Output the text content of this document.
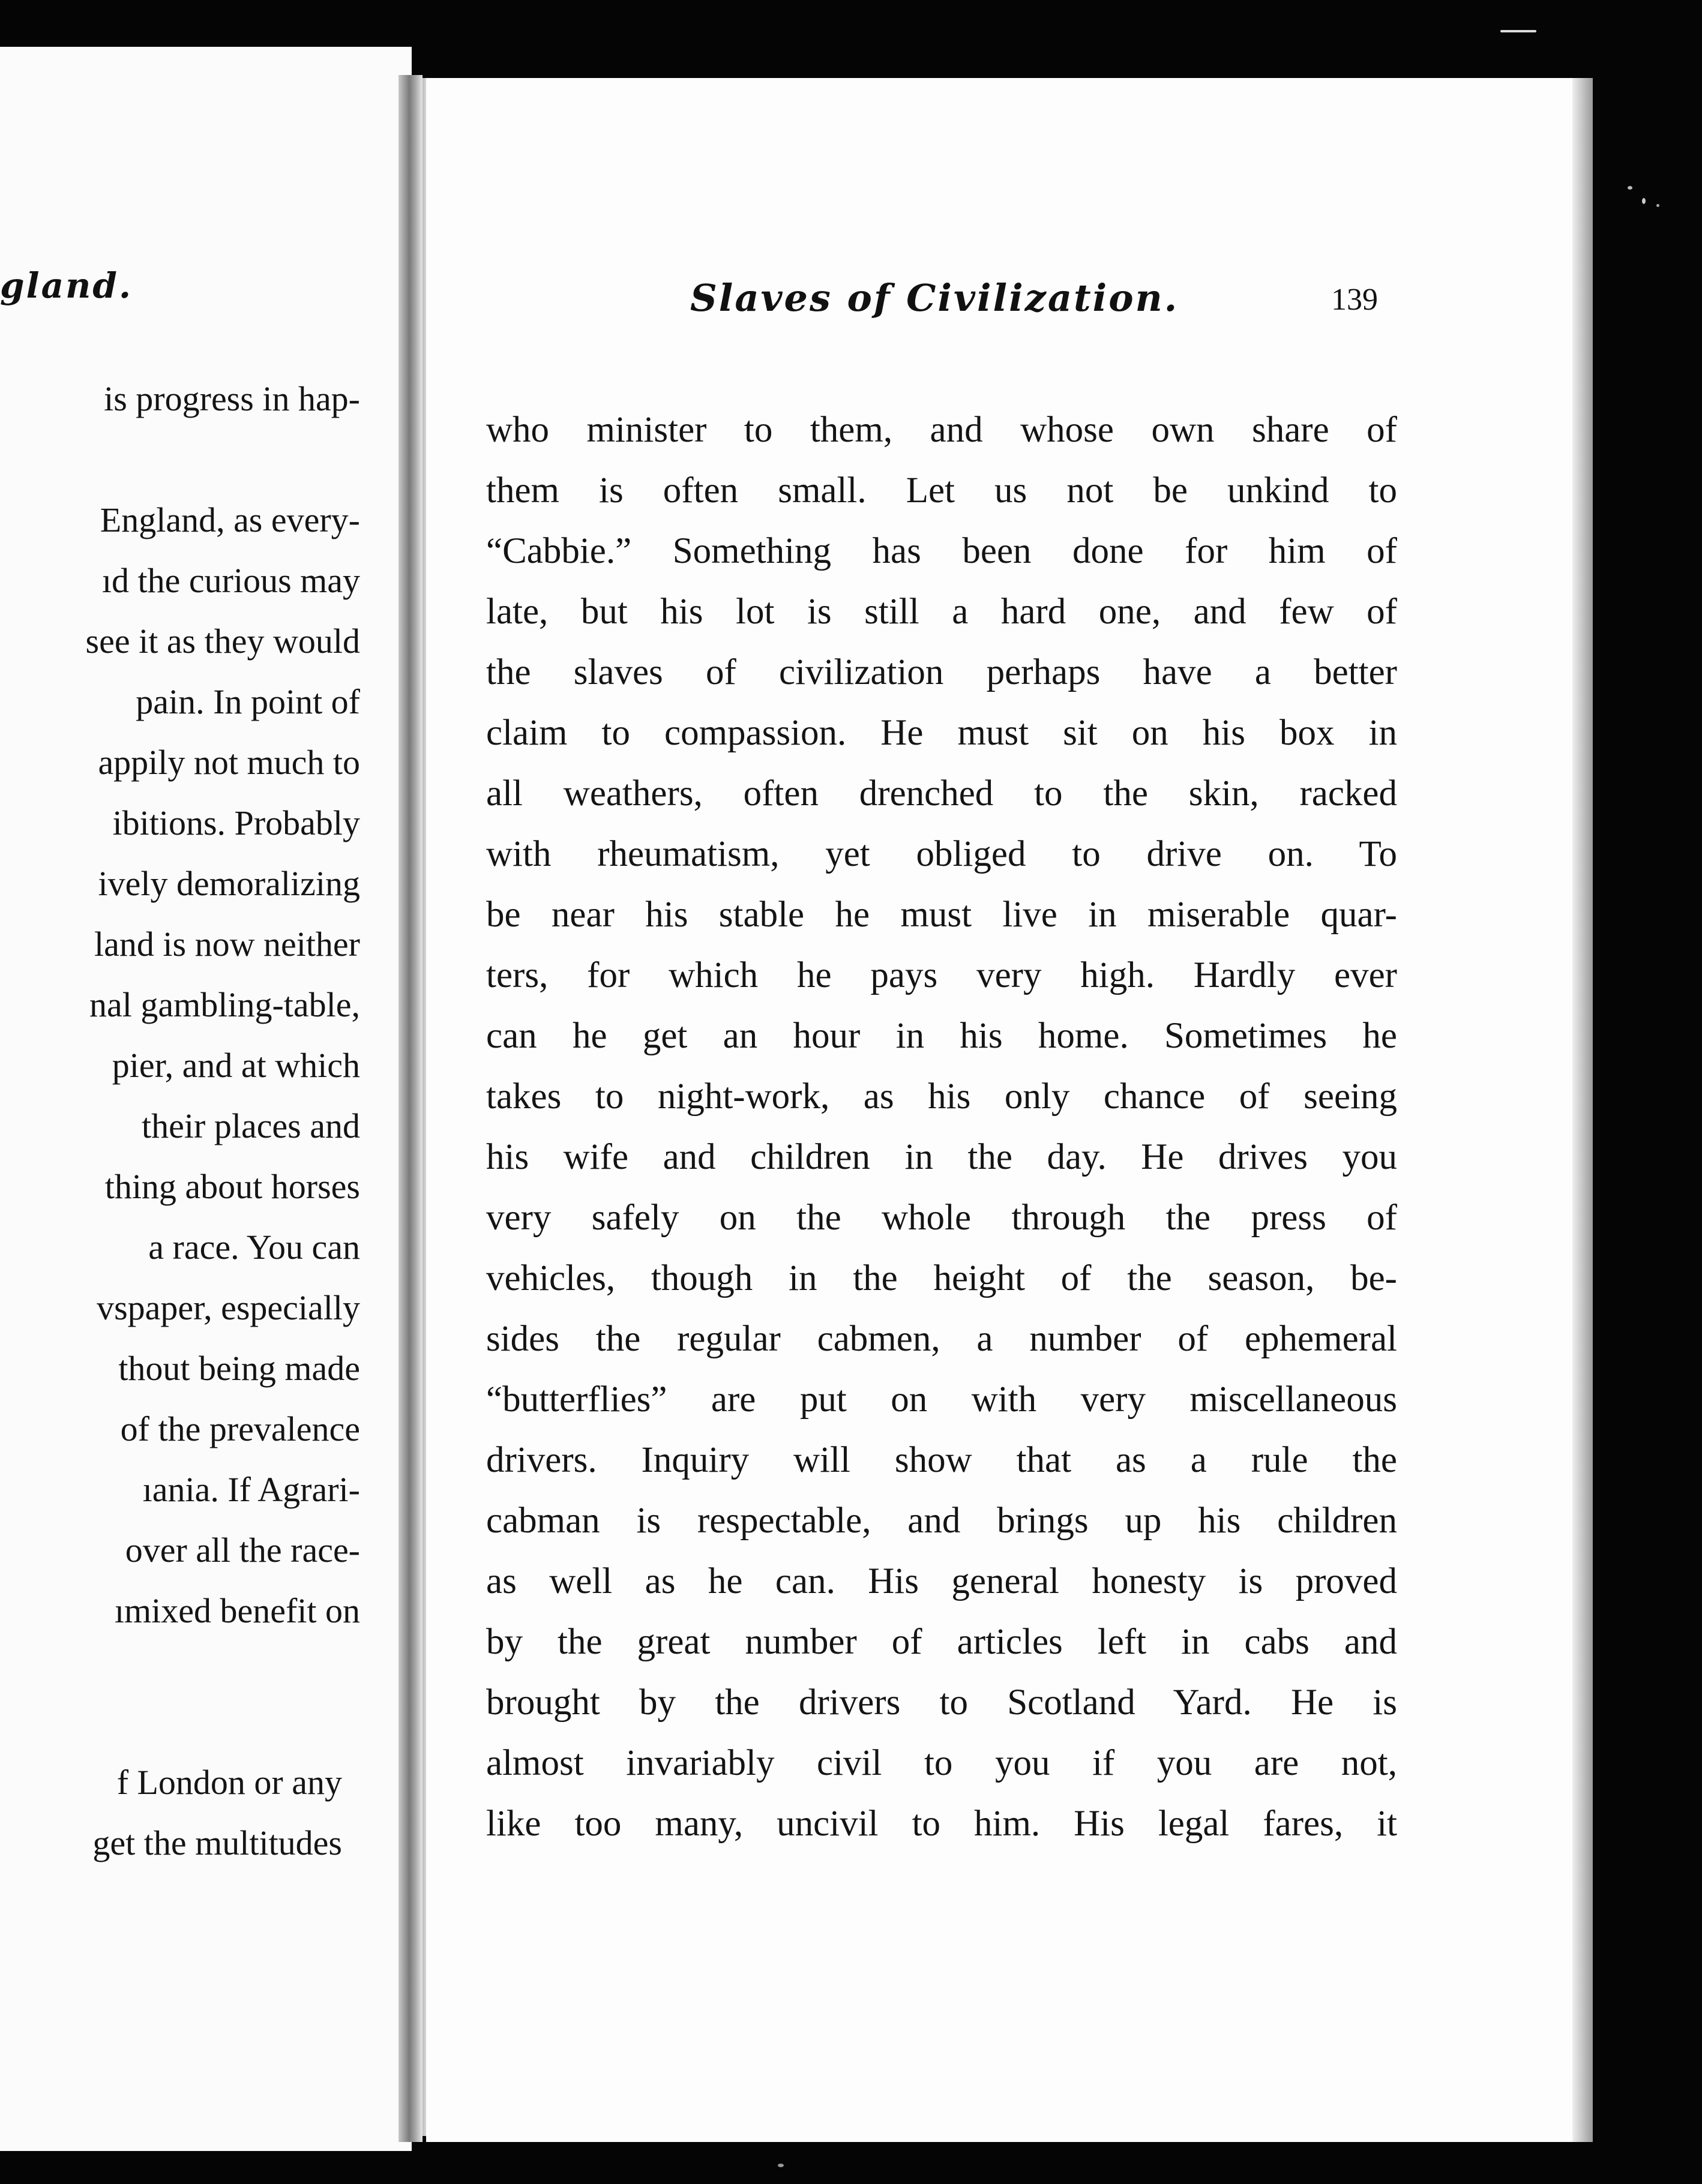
gland.
is progress in hap-
England, as every-
ıd the curious may
see it as they would
pain. In point of
appily not much to
ibitions. Probably
ively demoralizing
land is now neither
nal gambling-table,
pier, and at which
their places and
thing about horses
a race. You can
vspaper, especially
thout being made
of the prevalence
ıania. If Agrari-
over all the race-
ımixed benefit on
f London or any
get the multitudes
Slaves of Civilization.	139
who minister to them, and whose own share of
them is often small. Let us not be unkind to
“Cabbie.” Something has been done for him of
late, but his lot is still a hard one, and few of
the slaves of civilization perhaps have a better
claim to compassion. He must sit on his box in
all weathers, often drenched to the skin, racked
with rheumatism, yet obliged to drive on. To
be near his stable he must live in miserable quar-
ters, for which he pays very high. Hardly ever
can he get an hour in his home. Sometimes he
takes to night-work, as his only chance of seeing
his wife and children in the day. He drives you
very safely on the whole through the press of
vehicles, though in the height of the season, be-
sides the regular cabmen, a number of ephemeral
“butterflies” are put on with very miscellaneous
drivers. Inquiry will show that as a rule the
cabman is respectable, and brings up his children
as well as he can. His general honesty is proved
by the great number of articles left in cabs and
brought by the drivers to Scotland Yard. He is
almost invariably civil to you if you are not,
like too many, uncivil to him. His legal fares, it
